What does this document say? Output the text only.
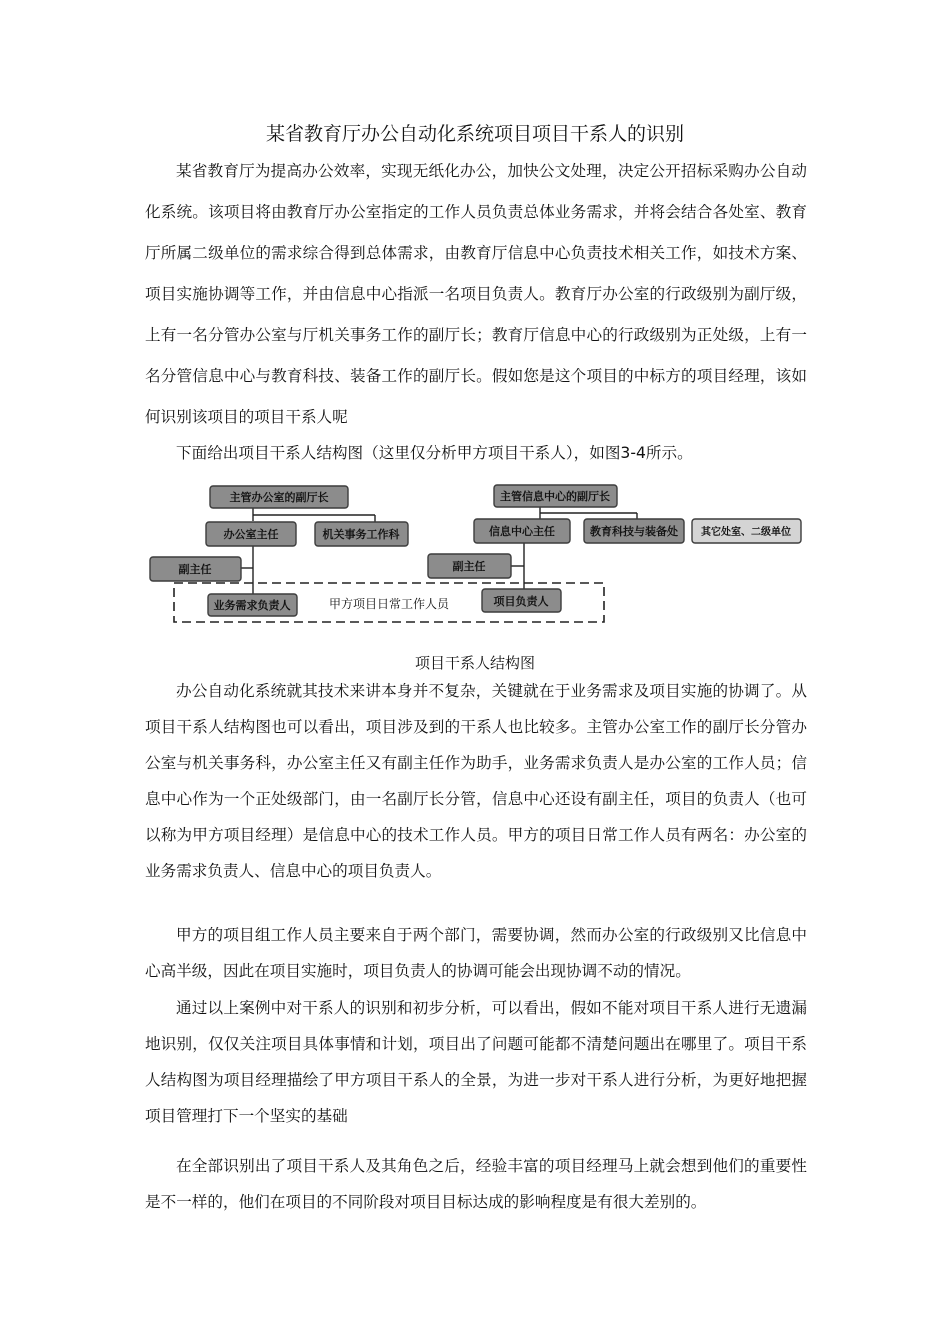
某省教育厅办公自动化系统项目项目干系人的识别

某省教育厅为提高办公效率，实现无纸化办公，加快公文处理，决定公开招标采购办公自动化系统。该项目将由教育厅办公室指定的工作人员负责总体业务需求，并将会结合各处室、教育厅所属二级单位的需求综合得到总体需求，由教育厅信息中心负责技术相关工作，如技术方案、项目实施协调等工作，并由信息中心指派一名项目负责人。教育厅办公室的行政级别为副厅级，上有一名分管办公室与厅机关事务工作的副厅长；教育厅信息中心的行政级别为正处级，上有一名分管信息中心与教育科技、装备工作的副厅长。假如您是这个项目的中标方的项目经理，该如何识别该项目的项目干系人呢

下面给出项目干系人结构图（这里仅分析甲方项目干系人），如图3-4所示。

甲方项目日常工作人员
主管办公室的副厅长
办公室主任	机关事务工作科
副主任
业务需求负责人
主管信息中心的副厅长
信息中心主任	教育科技与装备处
副主任
项目负责人
其它处室、二级单位
项目干系人结构图

办公自动化系统就其技术来讲本身并不复杂，关键就在于业务需求及项目实施的协调了。从项目干系人结构图也可以看出，项目涉及到的干系人也比较多。主管办公室工作的副厅长分管办公室与机关事务科，办公室主任又有副主任作为助手，业务需求负责人是办公室的工作人员；信息中心作为一个正处级部门，由一名副厅长分管，信息中心还设有副主任，项目的负责人（也可以称为甲方项目经理）是信息中心的技术工作人员。甲方的项目日常工作人员有两名：办公室的业务需求负责人、信息中心的项目负责人。

甲方的项目组工作人员主要来自于两个部门，需要协调，然而办公室的行政级别又比信息中心高半级，因此在项目实施时，项目负责人的协调可能会出现协调不动的情况。

通过以上案例中对干系人的识别和初步分析，可以看出，假如不能对项目干系人进行无遗漏地识别，仅仅关注项目具体事情和计划，项目出了问题可能都不清楚问题出在哪里了。项目干系人结构图为项目经理描绘了甲方项目干系人的全景，为进一步对干系人进行分析，为更好地把握项目管理打下一个坚实的基础

在全部识别出了项目干系人及其角色之后，经验丰富的项目经理马上就会想到他们的重要性是不一样的，他们在项目的不同阶段对项目目标达成的影响程度是有很大差别的。
